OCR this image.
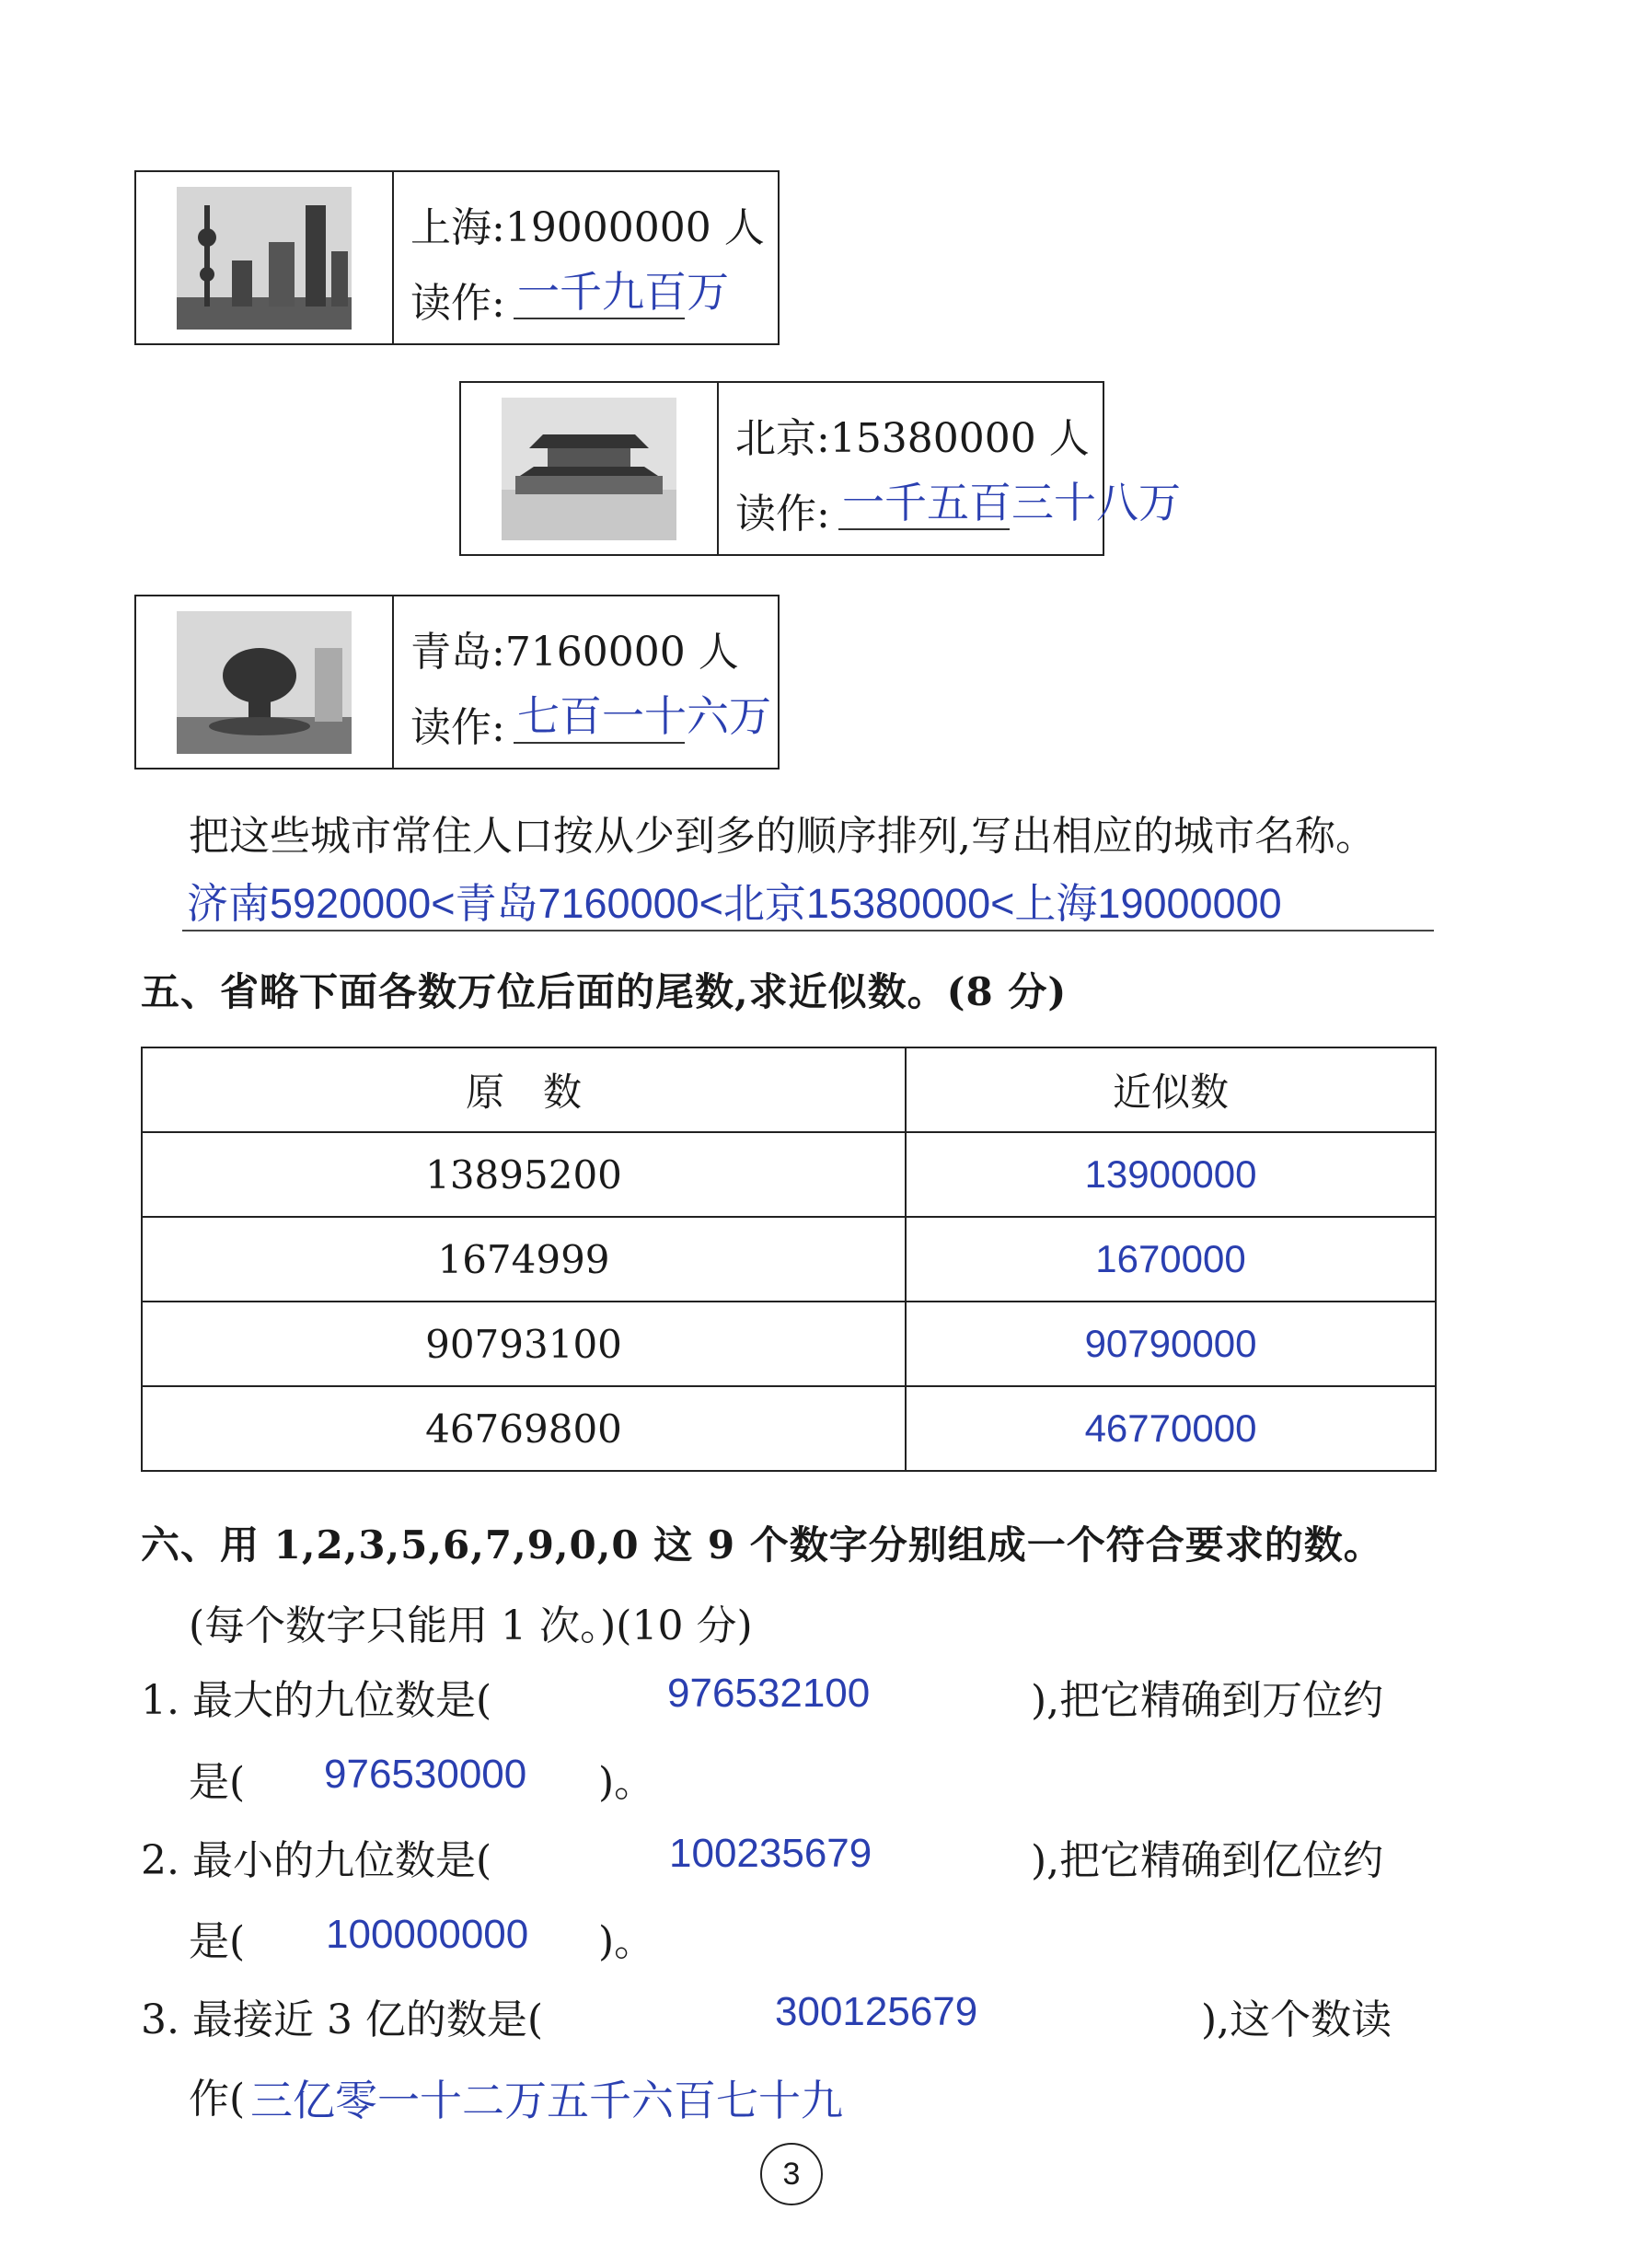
上海:19000000 人
读作: 一千九百万
北京:15380000 人
读作: 一千五百三十八万
青岛:7160000 人
读作: 七百一十六万
把这些城市常住人口按从少到多的顺序排列,写出相应的城市名称。
济南5920000<青岛7160000<北京15380000<上海19000000
五、省略下面各数万位后面的尾数,求近似数。(8 分)
原　数	近似数
13895200	13900000
1674999	1670000
90793100	90790000
46769800	46770000
六、用 1,2,3,5,6,7,9,0,0 这 9 个数字分别组成一个符合要求的数。
(每个数字只能用 1 次。)(10 分)
1. 最大的九位数是(	976532100	),把它精确到万位约
是( 976530000 )。
2. 最小的九位数是(	100235679	),把它精确到亿位约
是( 100000000 )。
3. 最接近 3 亿的数是(	300125679	),这个数读
作( 三亿零一十二万五千六百七十九
3
